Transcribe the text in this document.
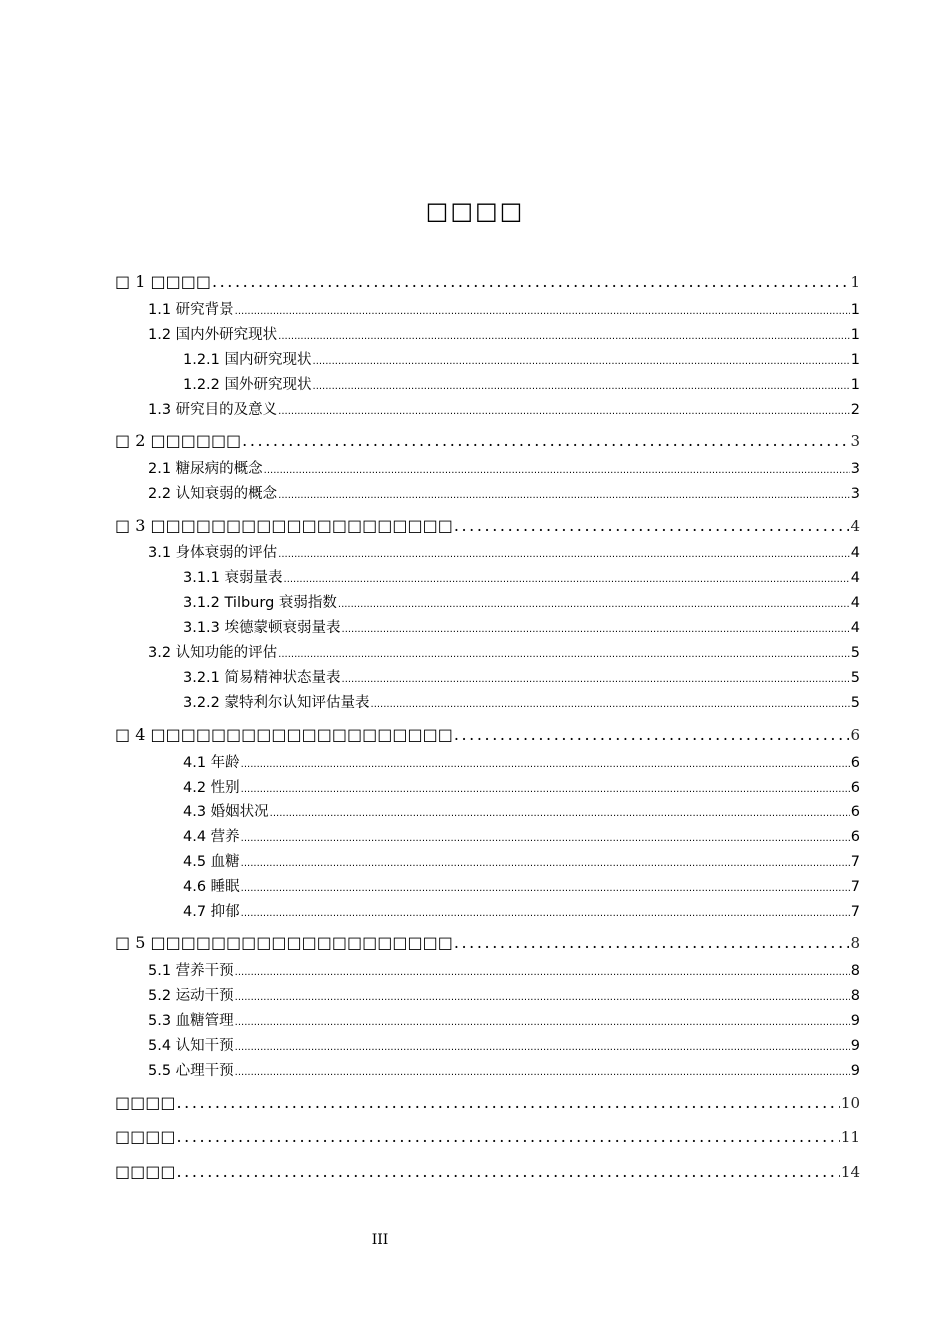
□□□□
□ 1 □□□□ .....	1
1.1 研究背景 .....	1
1.2 国内外研究现状 .....	1
1.2.1 国内研究现状 .....	1
1.2.2 国外研究现状 .....	1
1.3 研究目的及意义 .....	2
□ 2 □□□□□□ .....	3
2.1 糖尿病的概念 .....	3
2.2 认知衰弱的概念 .....	3
□ 3 □□□□□□□□□□□□□□□□□□□□ .....	4
3.1 身体衰弱的评估 .....	4
3.1.1 衰弱量表 .....	4
3.1.2 Tilburg 衰弱指数 .....	4
3.1.3 埃德蒙顿衰弱量表 .....	4
3.2 认知功能的评估 .....	5
3.2.1 简易精神状态量表 .....	5
3.2.2 蒙特利尔认知评估量表 .....	5
□ 4 □□□□□□□□□□□□□□□□□□□□ .....	6
4.1 年龄 .....	6
4.2 性别 .....	6
4.3 婚姻状况 .....	6
4.4 营养 .....	6
4.5 血糖 .....	7
4.6 睡眠 .....	7
4.7 抑郁 .....	7
□ 5 □□□□□□□□□□□□□□□□□□□□ .....	8
5.1 营养干预 .....	8
5.2 运动干预 .....	8
5.3 血糖管理 .....	9
5.4 认知干预 .....	9
5.5 心理干预 .....	9
□□□□ .....	10
□□□□ .....	11
□□□□ .....	14
III
